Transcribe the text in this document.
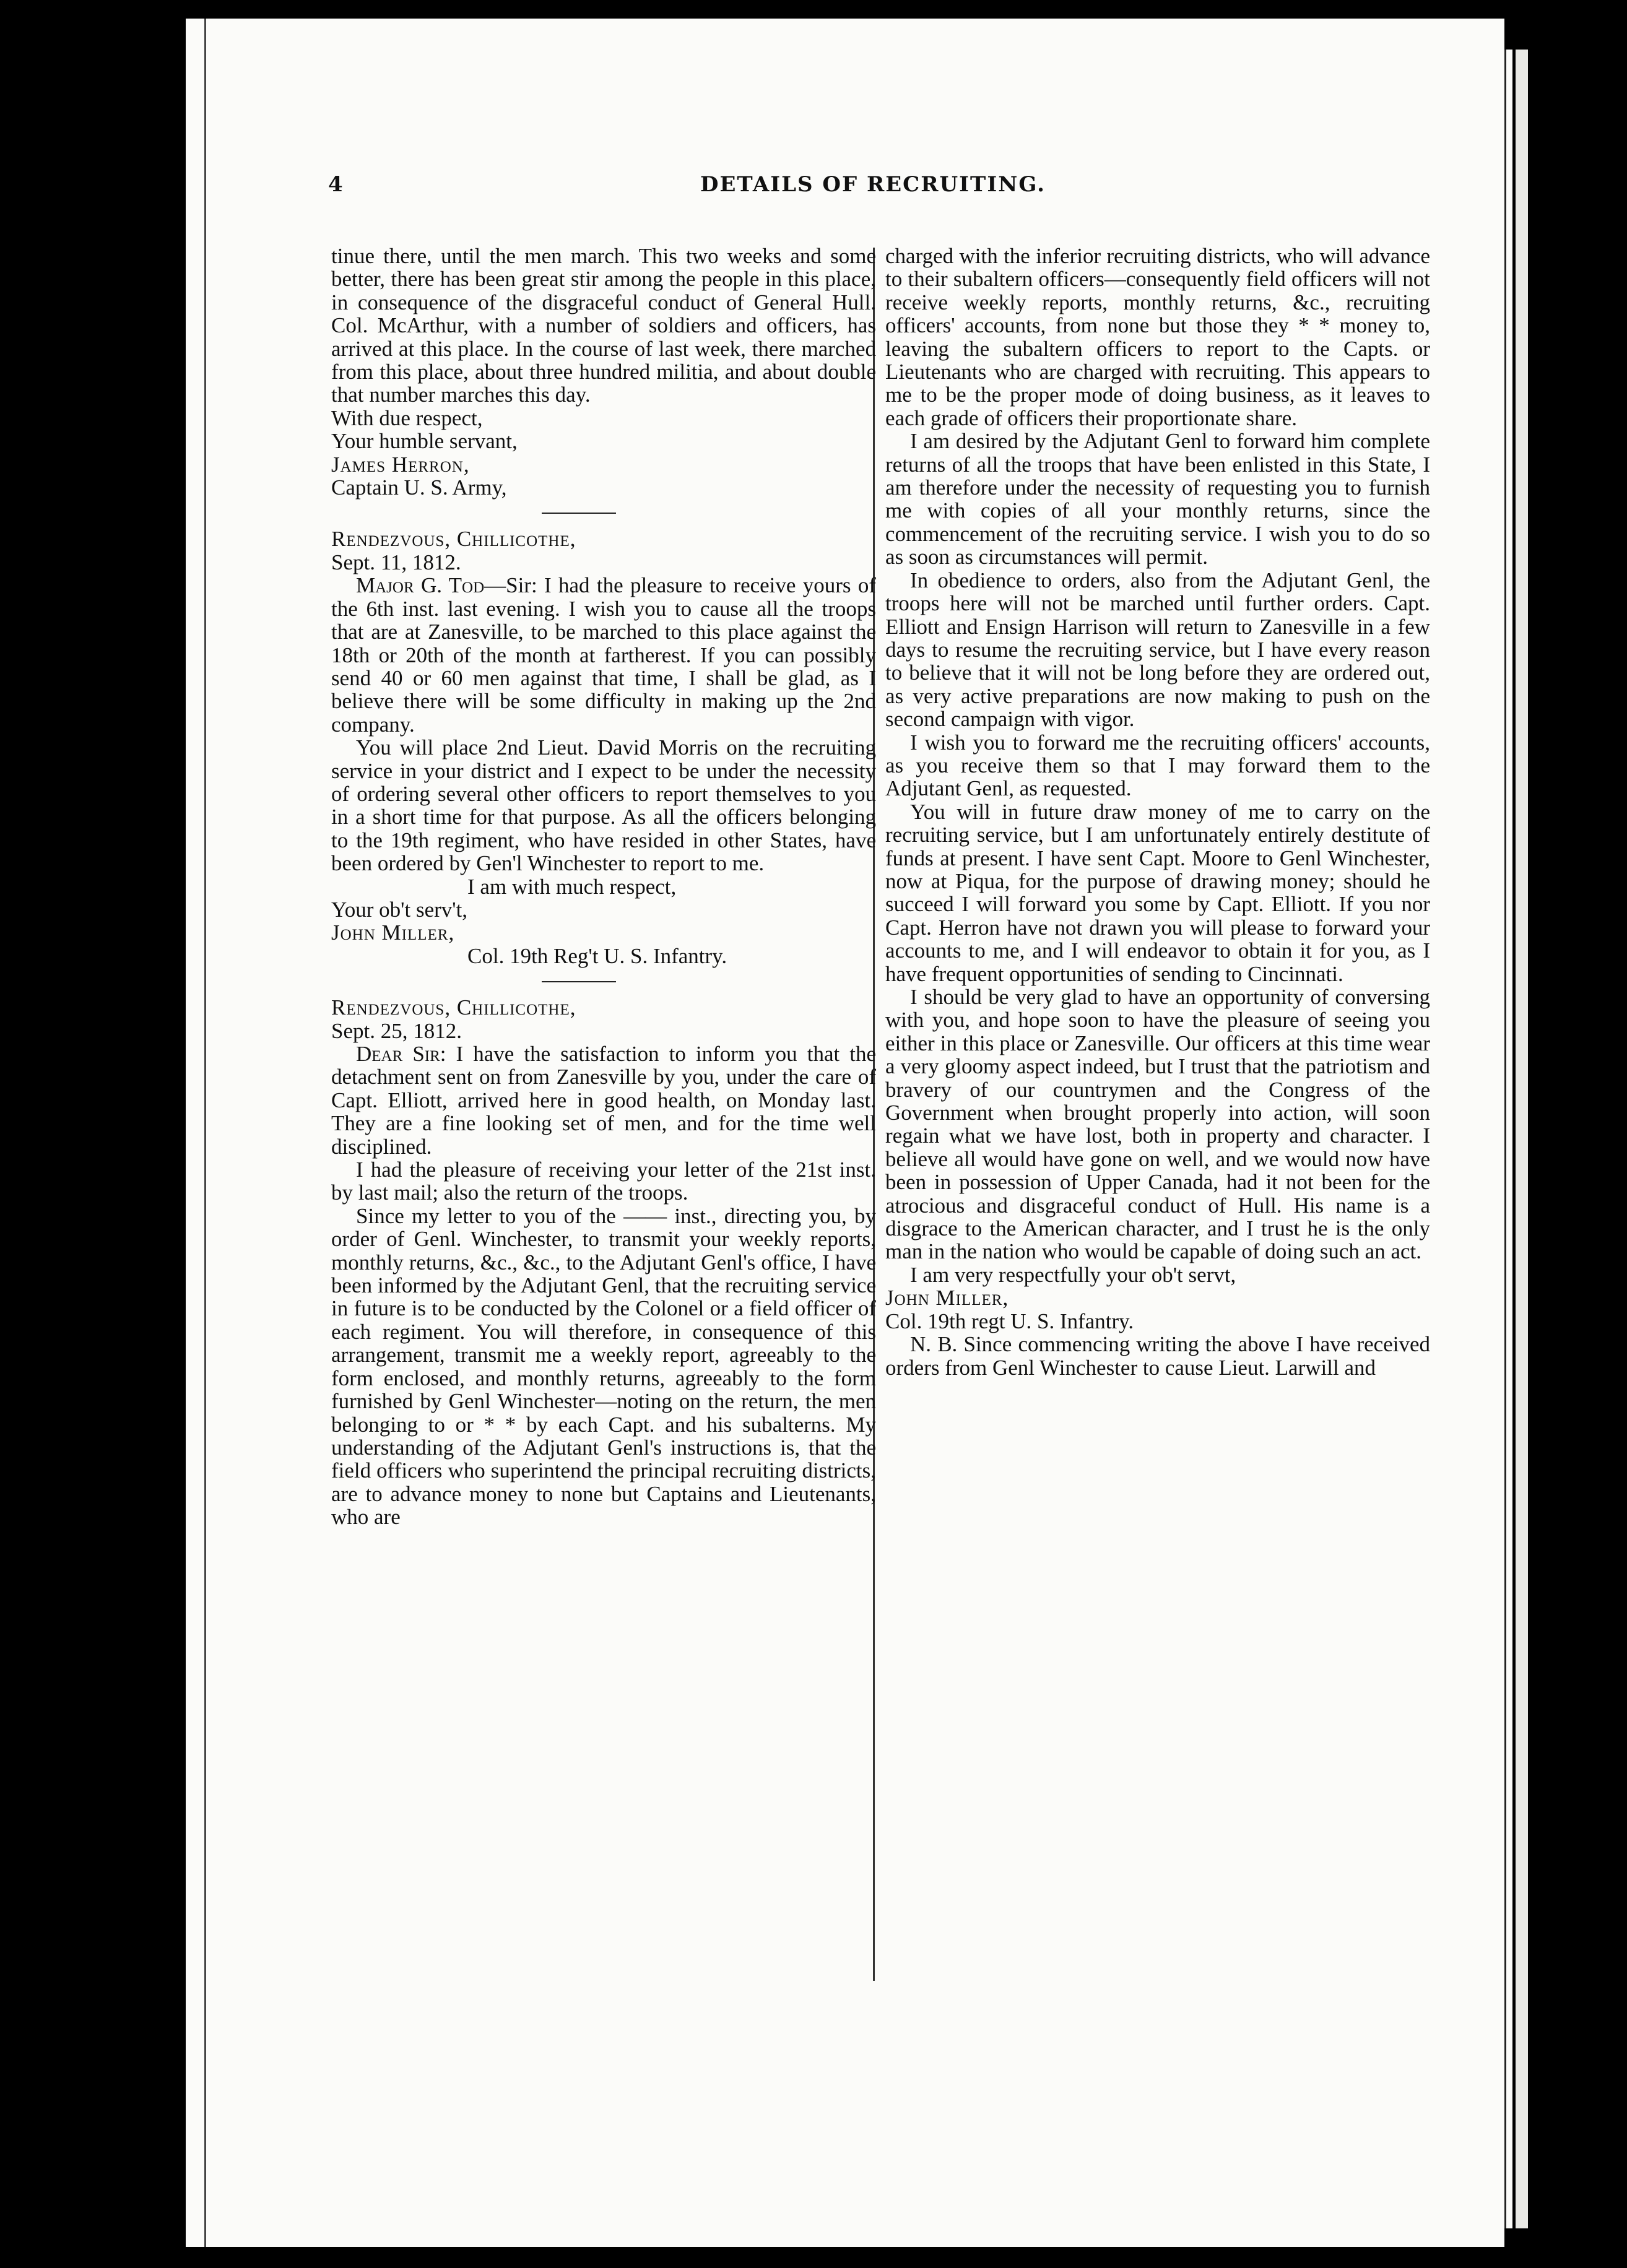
4	DETAILS OF RECRUITING.

tinue there, until the men march. This two weeks and some better, there has been great stir among the people in this place, in consequence of the disgraceful conduct of General Hull. Col. McArthur, with a number of soldiers and officers, has arrived at this place. In the course of last week, there marched from this place, about three hundred militia, and about double that number marches this day.

With due respect,

Your humble servant,

James Herron,

Captain U. S. Army,

Rendezvous, Chillicothe,

Sept. 11, 1812.

Major G. Tod—Sir: I had the pleasure to receive yours of the 6th inst. last evening. I wish you to cause all the troops that are at Zanesville, to be marched to this place against the 18th or 20th of the month at fartherest. If you can possibly send 40 or 60 men against that time, I shall be glad, as I believe there will be some difficulty in making up the 2nd company.

You will place 2nd Lieut. David Morris on the recruiting service in your district and I expect to be under the necessity of ordering several other officers to report themselves to you in a short time for that purpose. As all the officers belonging to the 19th regiment, who have resided in other States, have been ordered by Gen'l Winchester to report to me.

I am with much respect,

Your ob't serv't,

John Miller,

Col. 19th Reg't U. S. Infantry.

Rendezvous, Chillicothe,

Sept. 25, 1812.

Dear Sir: I have the satisfaction to inform you that the detachment sent on from Zanesville by you, under the care of Capt. Elliott, arrived here in good health, on Monday last. They are a fine looking set of men, and for the time well disciplined.

I had the pleasure of receiving your letter of the 21st inst. by last mail; also the return of the troops.

Since my letter to you of the —— inst., directing you, by order of Genl. Winchester, to transmit your weekly reports, monthly returns, &c., &c., to the Adjutant Genl's office, I have been informed by the Adjutant Genl, that the recruiting service in future is to be conducted by the Colonel or a field officer of each regiment. You will therefore, in consequence of this arrangement, transmit me a weekly report, agreeably to the form enclosed, and monthly returns, agreeably to the form furnished by Genl Winchester—noting on the return, the men belonging to or * * by each Capt. and his subalterns. My understanding of the Adjutant Genl's instructions is, that the field officers who superintend the principal recruiting districts, are to advance money to none but Captains and Lieutenants, who are

charged with the inferior recruiting districts, who will advance to their subaltern officers—consequently field officers will not receive weekly reports, monthly returns, &c., recruiting officers' accounts, from none but those they * * money to, leaving the subaltern officers to report to the Capts. or Lieutenants who are charged with recruiting. This appears to me to be the proper mode of doing business, as it leaves to each grade of officers their proportionate share.

I am desired by the Adjutant Genl to forward him complete returns of all the troops that have been enlisted in this State, I am therefore under the necessity of requesting you to furnish me with copies of all your monthly returns, since the commencement of the recruiting service. I wish you to do so as soon as circumstances will permit.

In obedience to orders, also from the Adjutant Genl, the troops here will not be marched until further orders. Capt. Elliott and Ensign Harrison will return to Zanesville in a few days to resume the recruiting service, but I have every reason to believe that it will not be long before they are ordered out, as very active preparations are now making to push on the second campaign with vigor.

I wish you to forward me the recruiting officers' accounts, as you receive them so that I may forward them to the Adjutant Genl, as requested.

You will in future draw money of me to carry on the recruiting service, but I am unfortunately entirely destitute of funds at present. I have sent Capt. Moore to Genl Winchester, now at Piqua, for the purpose of drawing money; should he succeed I will forward you some by Capt. Elliott. If you nor Capt. Herron have not drawn you will please to forward your accounts to me, and I will endeavor to obtain it for you, as I have frequent opportunities of sending to Cincinnati.

I should be very glad to have an opportunity of conversing with you, and hope soon to have the pleasure of seeing you either in this place or Zanesville. Our officers at this time wear a very gloomy aspect indeed, but I trust that the patriotism and bravery of our countrymen and the Congress of the Government when brought properly into action, will soon regain what we have lost, both in property and character. I believe all would have gone on well, and we would now have been in possession of Upper Canada, had it not been for the atrocious and disgraceful conduct of Hull. His name is a disgrace to the American character, and I trust he is the only man in the nation who would be capable of doing such an act.

I am very respectfully your ob't servt,

John Miller,

Col. 19th regt U. S. Infantry.

N. B. Since commencing writing the above I have received orders from Genl Winchester to cause Lieut. Larwill and
